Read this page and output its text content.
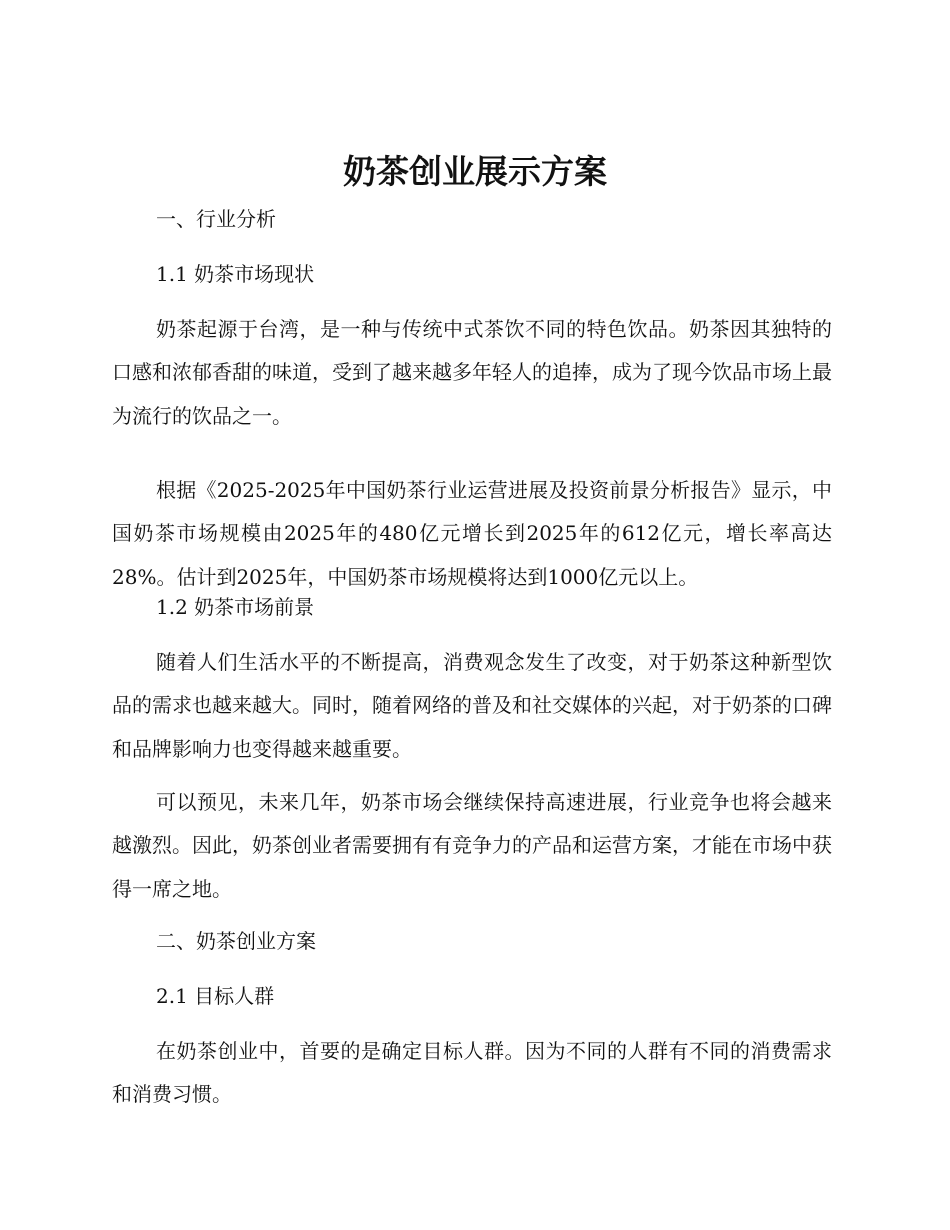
奶茶创业展示方案
一、行业分析
1.1 奶茶市场现状

奶茶起源于台湾，是一种与传统中式茶饮不同的特色饮品。奶茶因其独特的口感和浓郁香甜的味道，受到了越来越多年轻人的追捧，成为了现今饮品市场上最为流行的饮品之一。

根据《2025-2025年中国奶茶行业运营进展及投资前景分析报告》显示，中国奶茶市场规模由2025年的480亿元增长到2025年的612亿元，增长率高达28%。估计到2025年，中国奶茶市场规模将达到1000亿元以上。

1.2 奶茶市场前景

随着人们生活水平的不断提高，消费观念发生了改变，对于奶茶这种新型饮品的需求也越来越大。同时，随着网络的普及和社交媒体的兴起，对于奶茶的口碑和品牌影响力也变得越来越重要。

可以预见，未来几年，奶茶市场会继续保持高速进展，行业竞争也将会越来越激烈。因此，奶茶创业者需要拥有有竞争力的产品和运营方案，才能在市场中获得一席之地。

二、奶茶创业方案
2.1 目标人群

在奶茶创业中，首要的是确定目标人群。因为不同的人群有不同的消费需求和消费习惯。
